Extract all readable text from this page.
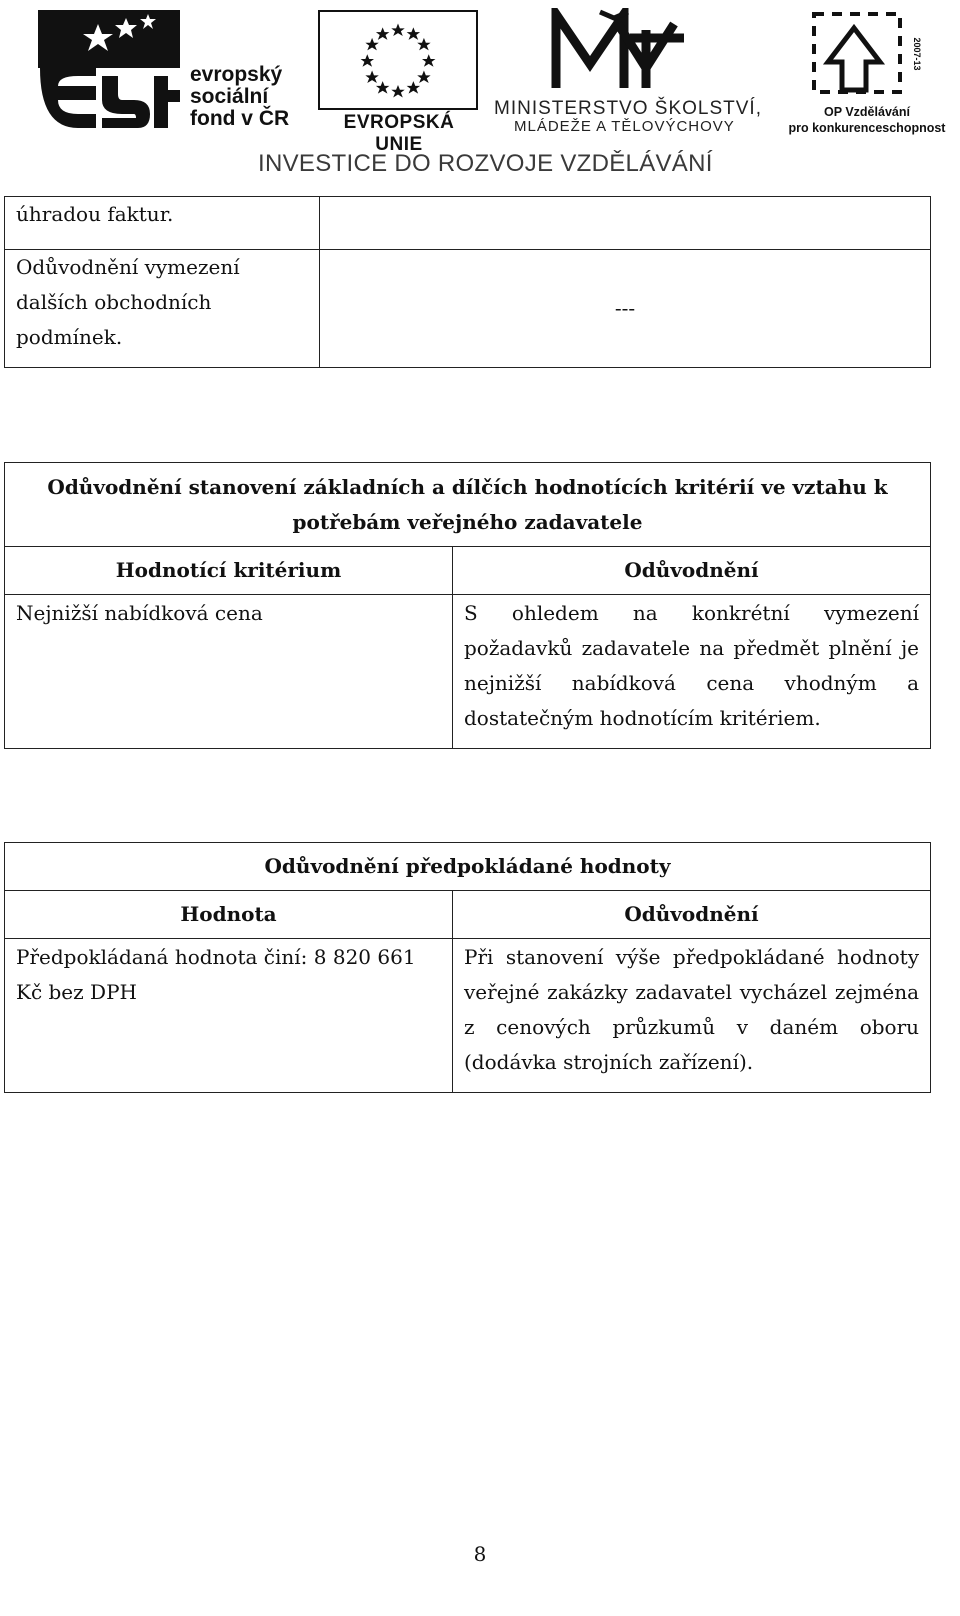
evropský
sociální
fond v ČR	EVROPSKÁ UNIE
MINISTERSTVO ŠKOLSTVÍ,
MLÁDEŽE A TĚLOVÝCHOVY
2007-13
OP Vzdělávání
pro konkurenceschopnost
INVESTICE DO ROZVOJE VZDĚLÁVÁNÍ
úhradou faktur.	

Odůvodnění vymezení
dalších obchodních
podmínek.	---
Odůvodnění stanovení základních a dílčích hodnotících kritérií ve vztahu k potřebám veřejného zadavatele	
Hodnotící kritérium	Odůvodnění
Nejnižší nabídková cena	S ohledem na konkrétní vymezení požadavků zadavatele na předmět plnění je nejnižší nabídková cena vhodným a dostatečným hodnotícím kritériem.
Odůvodnění předpokládané hodnoty	
Hodnota	Odůvodnění
Předpokládaná hodnota činí: 8 820 661 Kč bez DPH	Při stanovení výše předpokládané hodnoty veřejné zakázky zadavatel vycházel zejména z cenových průzkumů v daném oboru (dodávka strojních zařízení).
8
